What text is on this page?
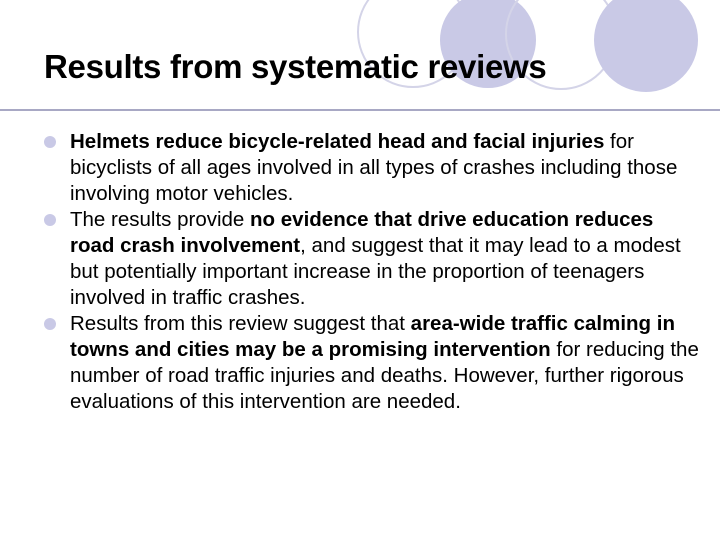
Results from systematic reviews
Helmets reduce bicycle-related head and facial injuries for bicyclists of all ages involved in all types of crashes including those involving motor vehicles.
The results provide no evidence that drive education reduces road crash involvement, and suggest that it may lead to a modest but potentially important increase in the proportion of teenagers involved in traffic crashes.
Results from this review suggest that area-wide traffic calming in towns and cities may be a promising intervention for reducing the number of road traffic injuries and deaths. However, further rigorous evaluations of this intervention are needed.
